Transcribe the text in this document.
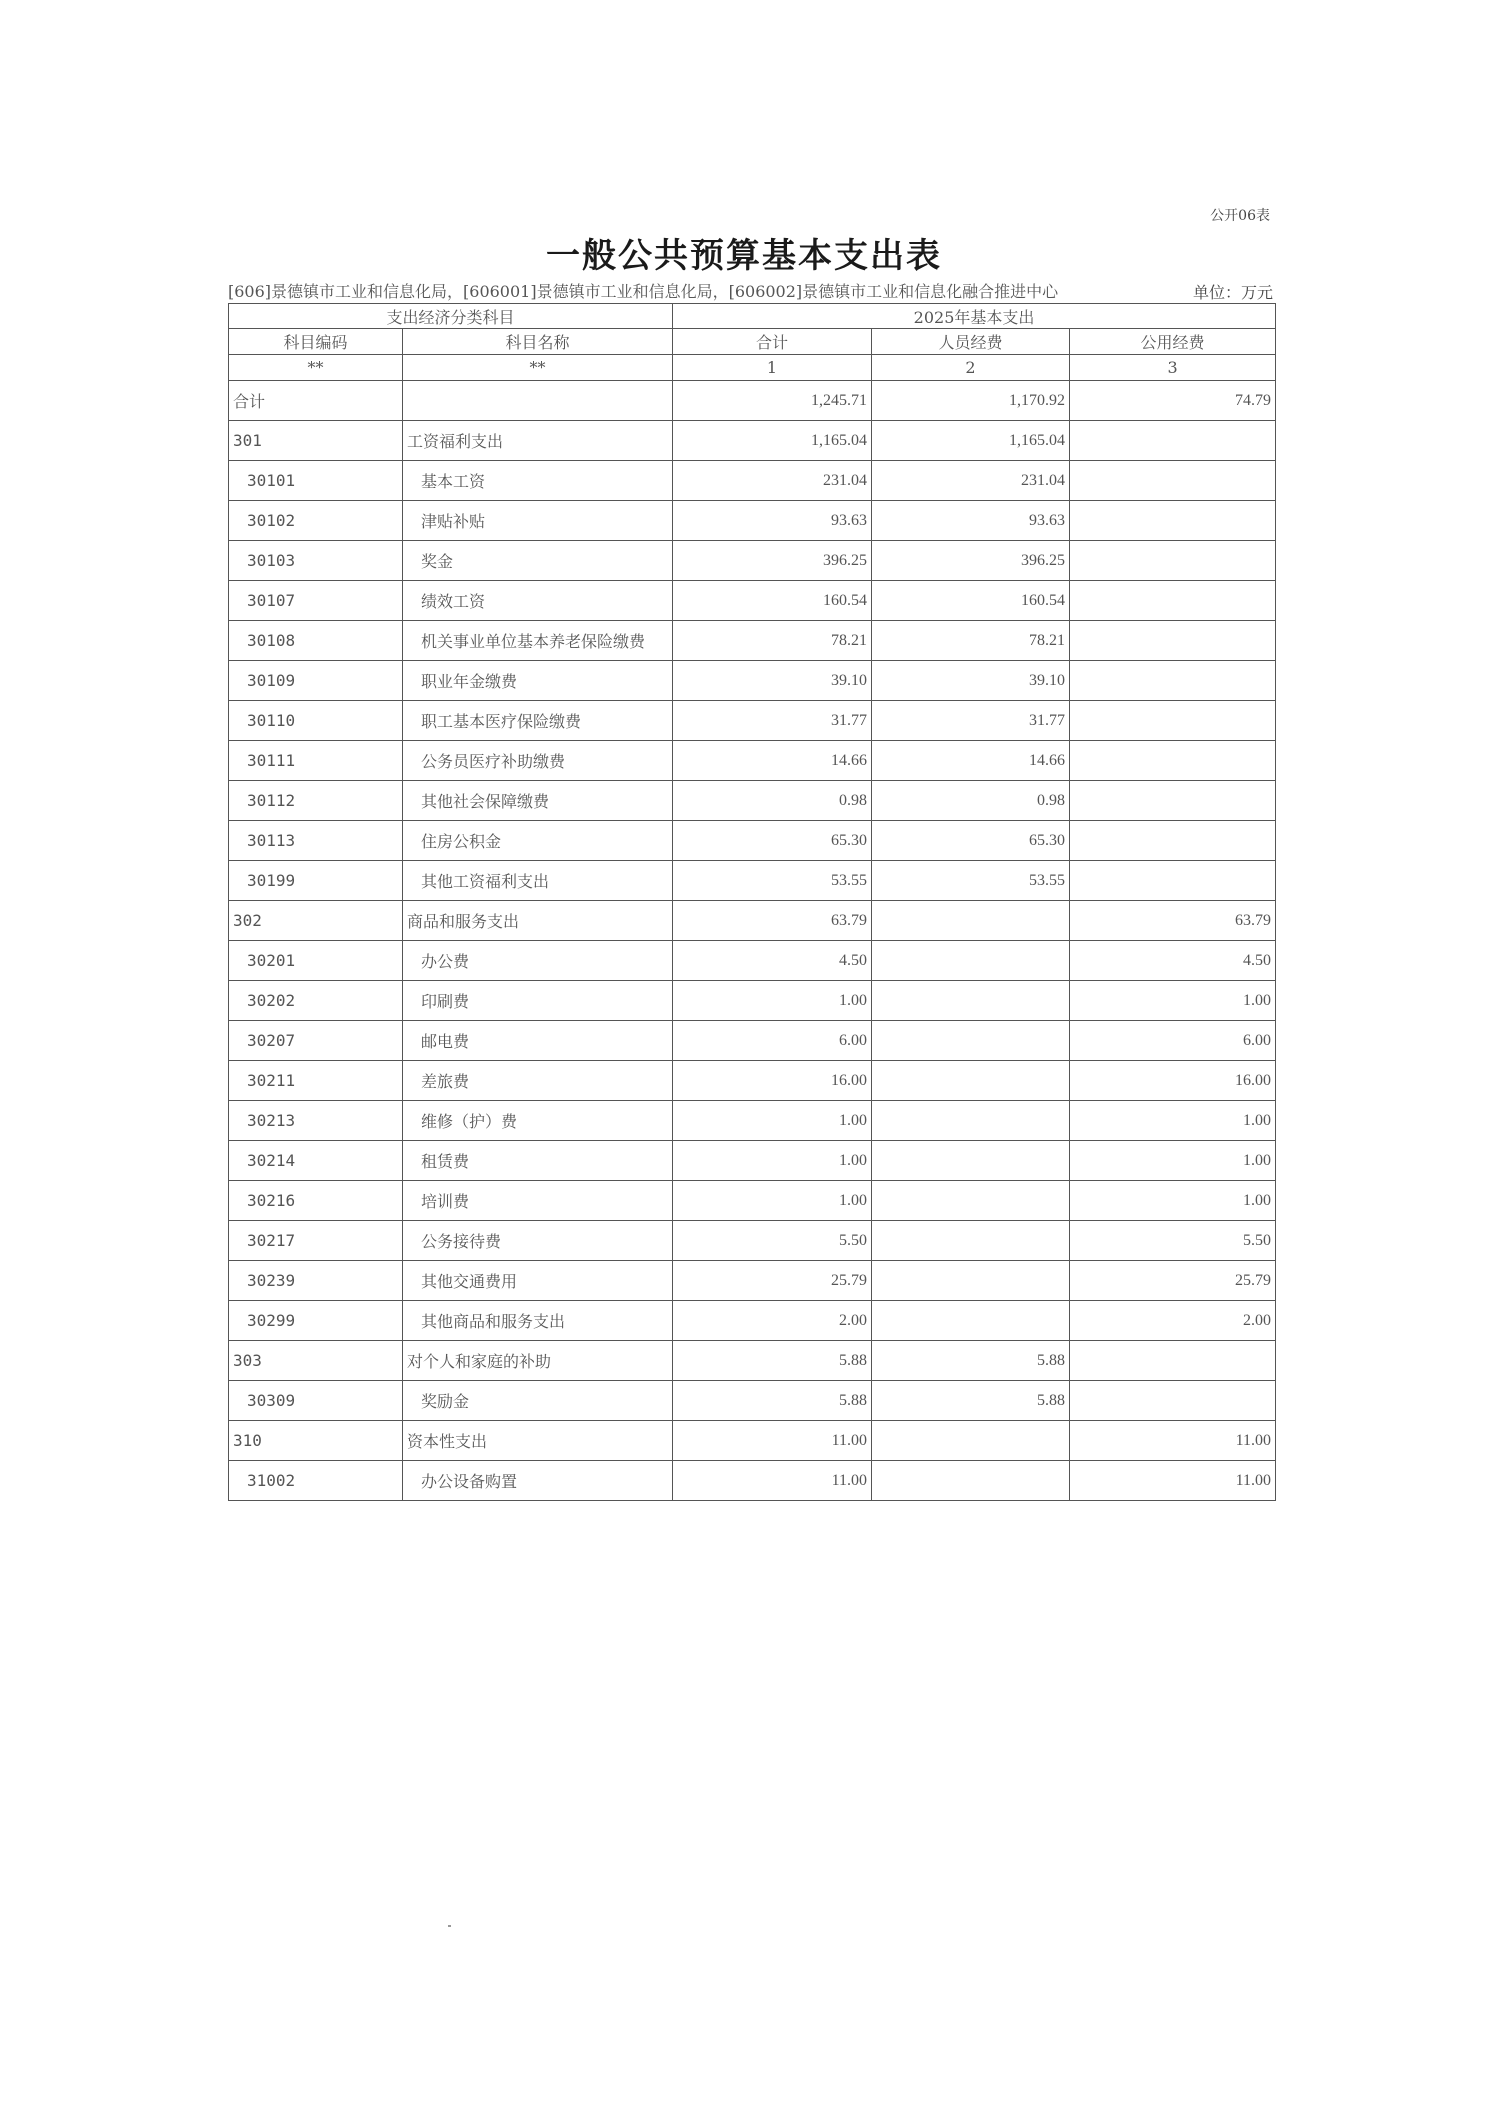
公开06表
一般公共预算基本支出表
[606]景德镇市工业和信息化局，[606001]景德镇市工业和信息化局，[606002]景德镇市工业和信息化融合推进中心	单位：万元
支出经济分类科目		2025年基本支出		
科目编码	科目名称	合计	人员经费	公用经费
**	**	1	2	3
合计		1,245.71	1,170.92	74.79
301	工资福利支出	1,165.04	1,165.04	
30101	基本工资	231.04	231.04	
30102	津贴补贴	93.63	93.63	
30103	奖金	396.25	396.25	
30107	绩效工资	160.54	160.54	
30108	机关事业单位基本养老保险缴费	78.21	78.21	
30109	职业年金缴费	39.10	39.10	
30110	职工基本医疗保险缴费	31.77	31.77	
30111	公务员医疗补助缴费	14.66	14.66	
30112	其他社会保障缴费	0.98	0.98	
30113	住房公积金	65.30	65.30	
30199	其他工资福利支出	53.55	53.55	
302	商品和服务支出	63.79		63.79
30201	办公费	4.50		4.50
30202	印刷费	1.00		1.00
30207	邮电费	6.00		6.00
30211	差旅费	16.00		16.00
30213	维修（护）费	1.00		1.00
30214	租赁费	1.00		1.00
30216	培训费	1.00		1.00
30217	公务接待费	5.50		5.50
30239	其他交通费用	25.79		25.79
30299	其他商品和服务支出	2.00		2.00
303	对个人和家庭的补助	5.88	5.88	
30309	奖励金	5.88	5.88	
310	资本性支出	11.00		11.00
31002	办公设备购置	11.00		11.00
